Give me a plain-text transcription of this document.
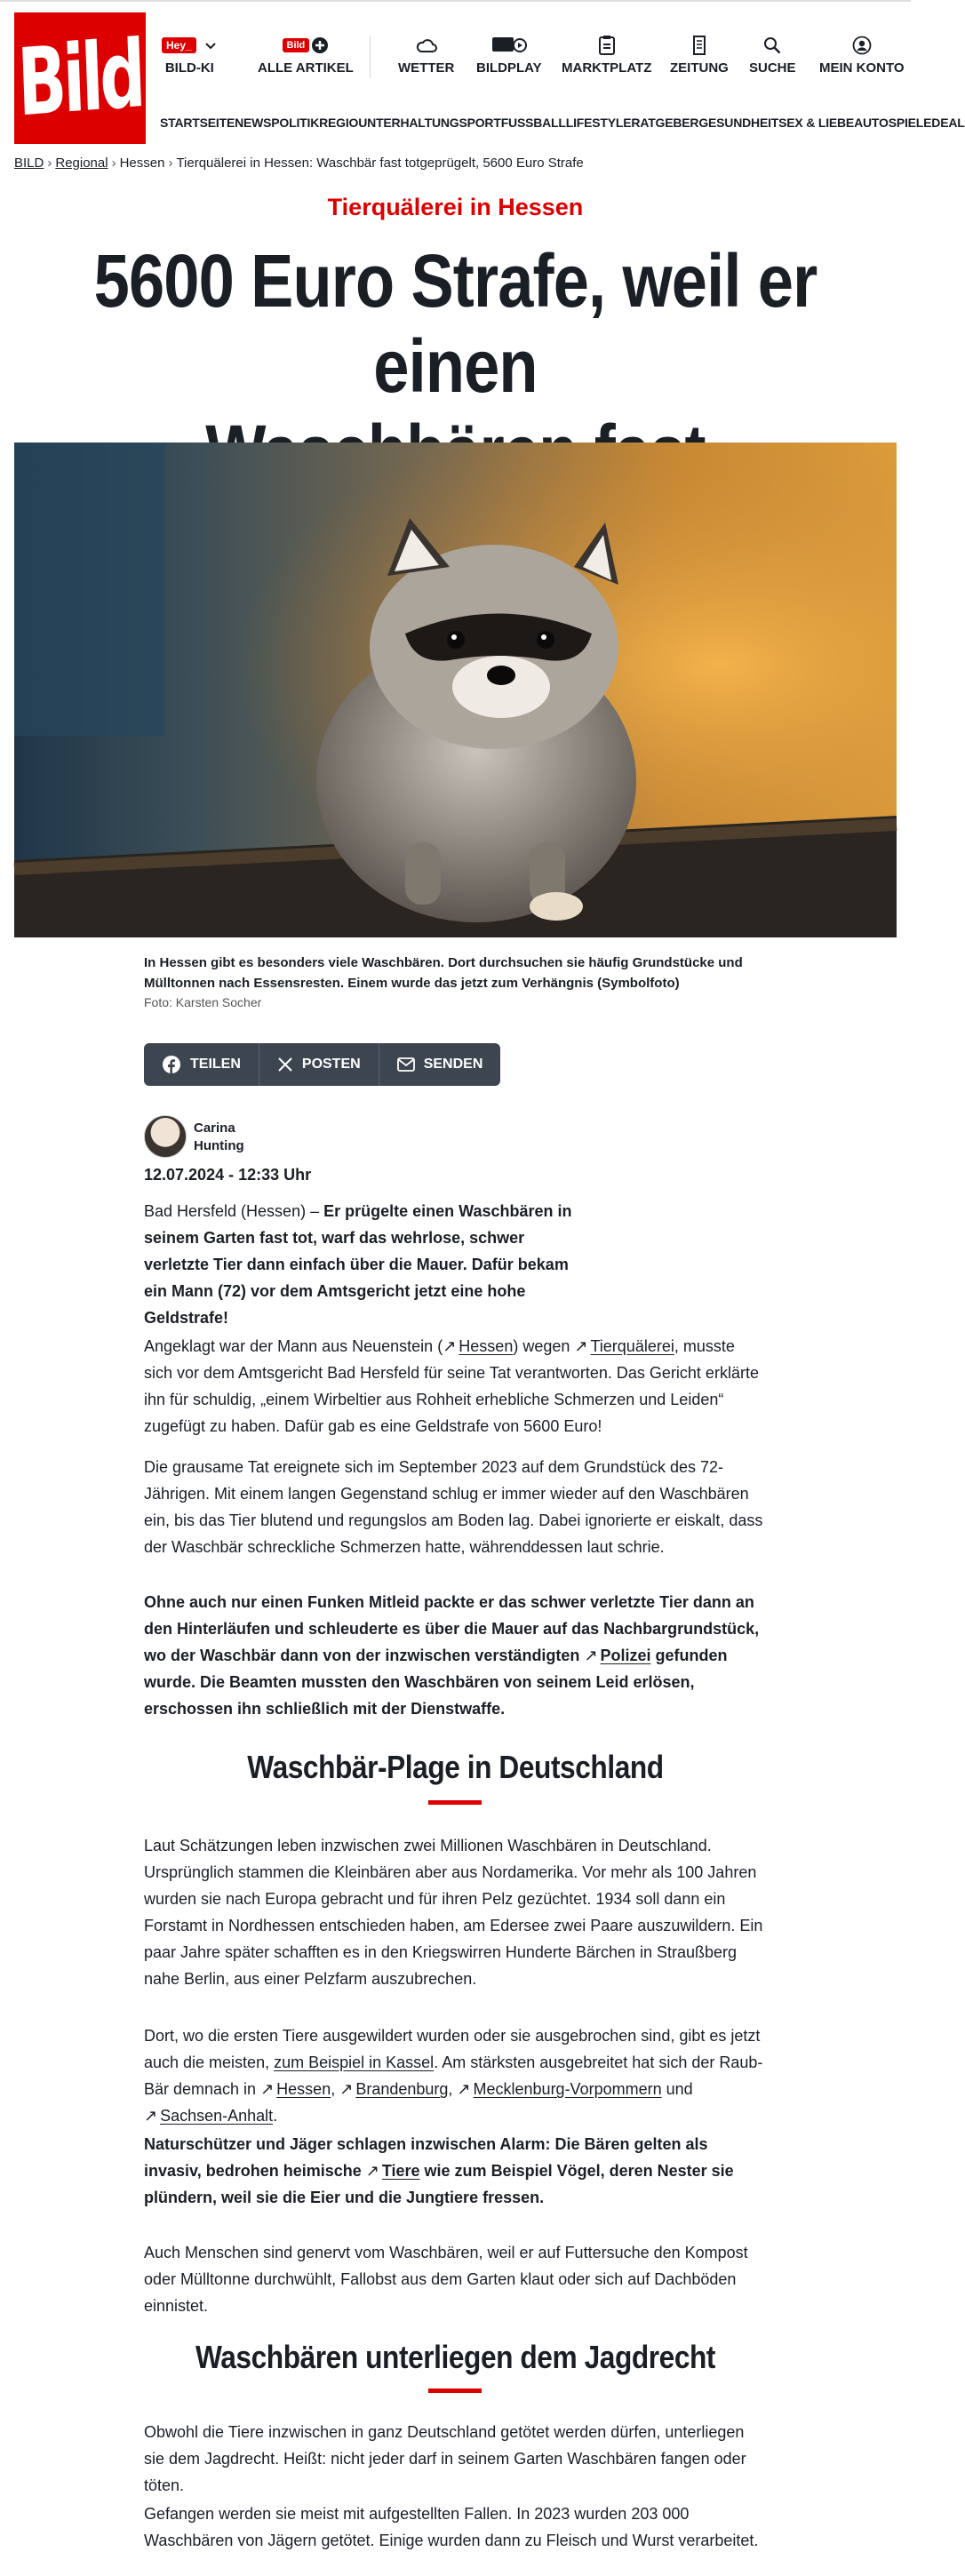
Bild	Hey_
BILD-KI
Bild
ALLE ARTIKEL	WETTER BILDPLAY MARKTPLATZ ZEITUNG SUCHE MEIN KONTO
STARTSEITENEWSPOLITIKREGIOUNTERHALTUNGSPORTFUSSBALLLIFESTYLERATGEBERGESUNDHEITSEX & LIEBEAUTOSPIELEDEAL
BILD › Regional › Hessen › Tierquälerei in Hessen: Waschbär fast totgeprügelt, 5600 Euro Strafe
Tierquälerei in Hessen
5600 Euro Strafe, weil er einen
In Hessen gibt es besonders viele Waschbären. Dort durchsuchen sie häufig Grundstücke und Mülltonnen nach Essensresten. Einem wurde das jetzt zum Verhängnis (Symbolfoto)
Foto: Karsten Socher
TEILEN	POSTEN	SENDEN
Carina
Hunting
12.07.2024 - 12:33 Uhr
Bad Hersfeld (Hessen) – Er prügelte einen Waschbären in seinem Garten fast tot, warf das wehrlose, schwer verletzte Tier dann einfach über die Mauer. Dafür bekam ein Mann (72) vor dem Amtsgericht jetzt eine hohe Geldstrafe!
Angeklagt war der Mann aus Neuenstein (↗ Hessen) wegen ↗ Tierquälerei, musste sich vor dem Amtsgericht Bad Hersfeld für seine Tat verantworten. Das Gericht erklärte ihn für schuldig, „einem Wirbeltier aus Rohheit erhebliche Schmerzen und Leiden“ zugefügt zu haben. Dafür gab es eine Geldstrafe von 5600 Euro!
Die grausame Tat ereignete sich im September 2023 auf dem Grundstück des 72-Jährigen. Mit einem langen Gegenstand schlug er immer wieder auf den Waschbären ein, bis das Tier blutend und regungslos am Boden lag. Dabei ignorierte er eiskalt, dass der Waschbär schreckliche Schmerzen hatte, währenddessen laut schrie.
Ohne auch nur einen Funken Mitleid packte er das schwer verletzte Tier dann an den Hinterläufen und schleuderte es über die Mauer auf das Nachbargrundstück, wo der Waschbär dann von der inzwischen verständigten ↗ Polizei gefunden wurde. Die Beamten mussten den Waschbären von seinem Leid erlösen, erschossen ihn schließlich mit der Dienstwaffe.
Waschbär-Plage in Deutschland
Laut Schätzungen leben inzwischen zwei Millionen Waschbären in Deutschland. Ursprünglich stammen die Kleinbären aber aus Nordamerika. Vor mehr als 100 Jahren wurden sie nach Europa gebracht und für ihren Pelz gezüchtet. 1934 soll dann ein Forstamt in Nordhessen entschieden haben, am Edersee zwei Paare auszuwildern. Ein paar Jahre später schafften es in den Kriegswirren Hunderte Bärchen in Straußberg nahe Berlin, aus einer Pelzfarm auszubrechen.
Dort, wo die ersten Tiere ausgewildert wurden oder sie ausgebrochen sind, gibt es jetzt auch die meisten, zum Beispiel in Kassel. Am stärksten ausgebreitet hat sich der Raub-Bär demnach in ↗ Hessen, ↗ Brandenburg, ↗ Mecklenburg-Vorpommern und ↗ Sachsen-Anhalt.
Naturschützer und Jäger schlagen inzwischen Alarm: Die Bären gelten als invasiv, bedrohen heimische ↗ Tiere wie zum Beispiel Vögel, deren Nester sie plündern, weil sie die Eier und die Jungtiere fressen.
Auch Menschen sind genervt vom Waschbären, weil er auf Futtersuche den Kompost oder Mülltonne durchwühlt, Fallobst aus dem Garten klaut oder sich auf Dachböden einnistet.
Waschbären unterliegen dem Jagdrecht
Obwohl die Tiere inzwischen in ganz Deutschland getötet werden dürfen, unterliegen sie dem Jagdrecht. Heißt: nicht jeder darf in seinem Garten Waschbären fangen oder töten.
Gefangen werden sie meist mit aufgestellten Fallen. In 2023 wurden 203 000 Waschbären von Jägern getötet. Einige wurden dann zu Fleisch und Wurst verarbeitet.
